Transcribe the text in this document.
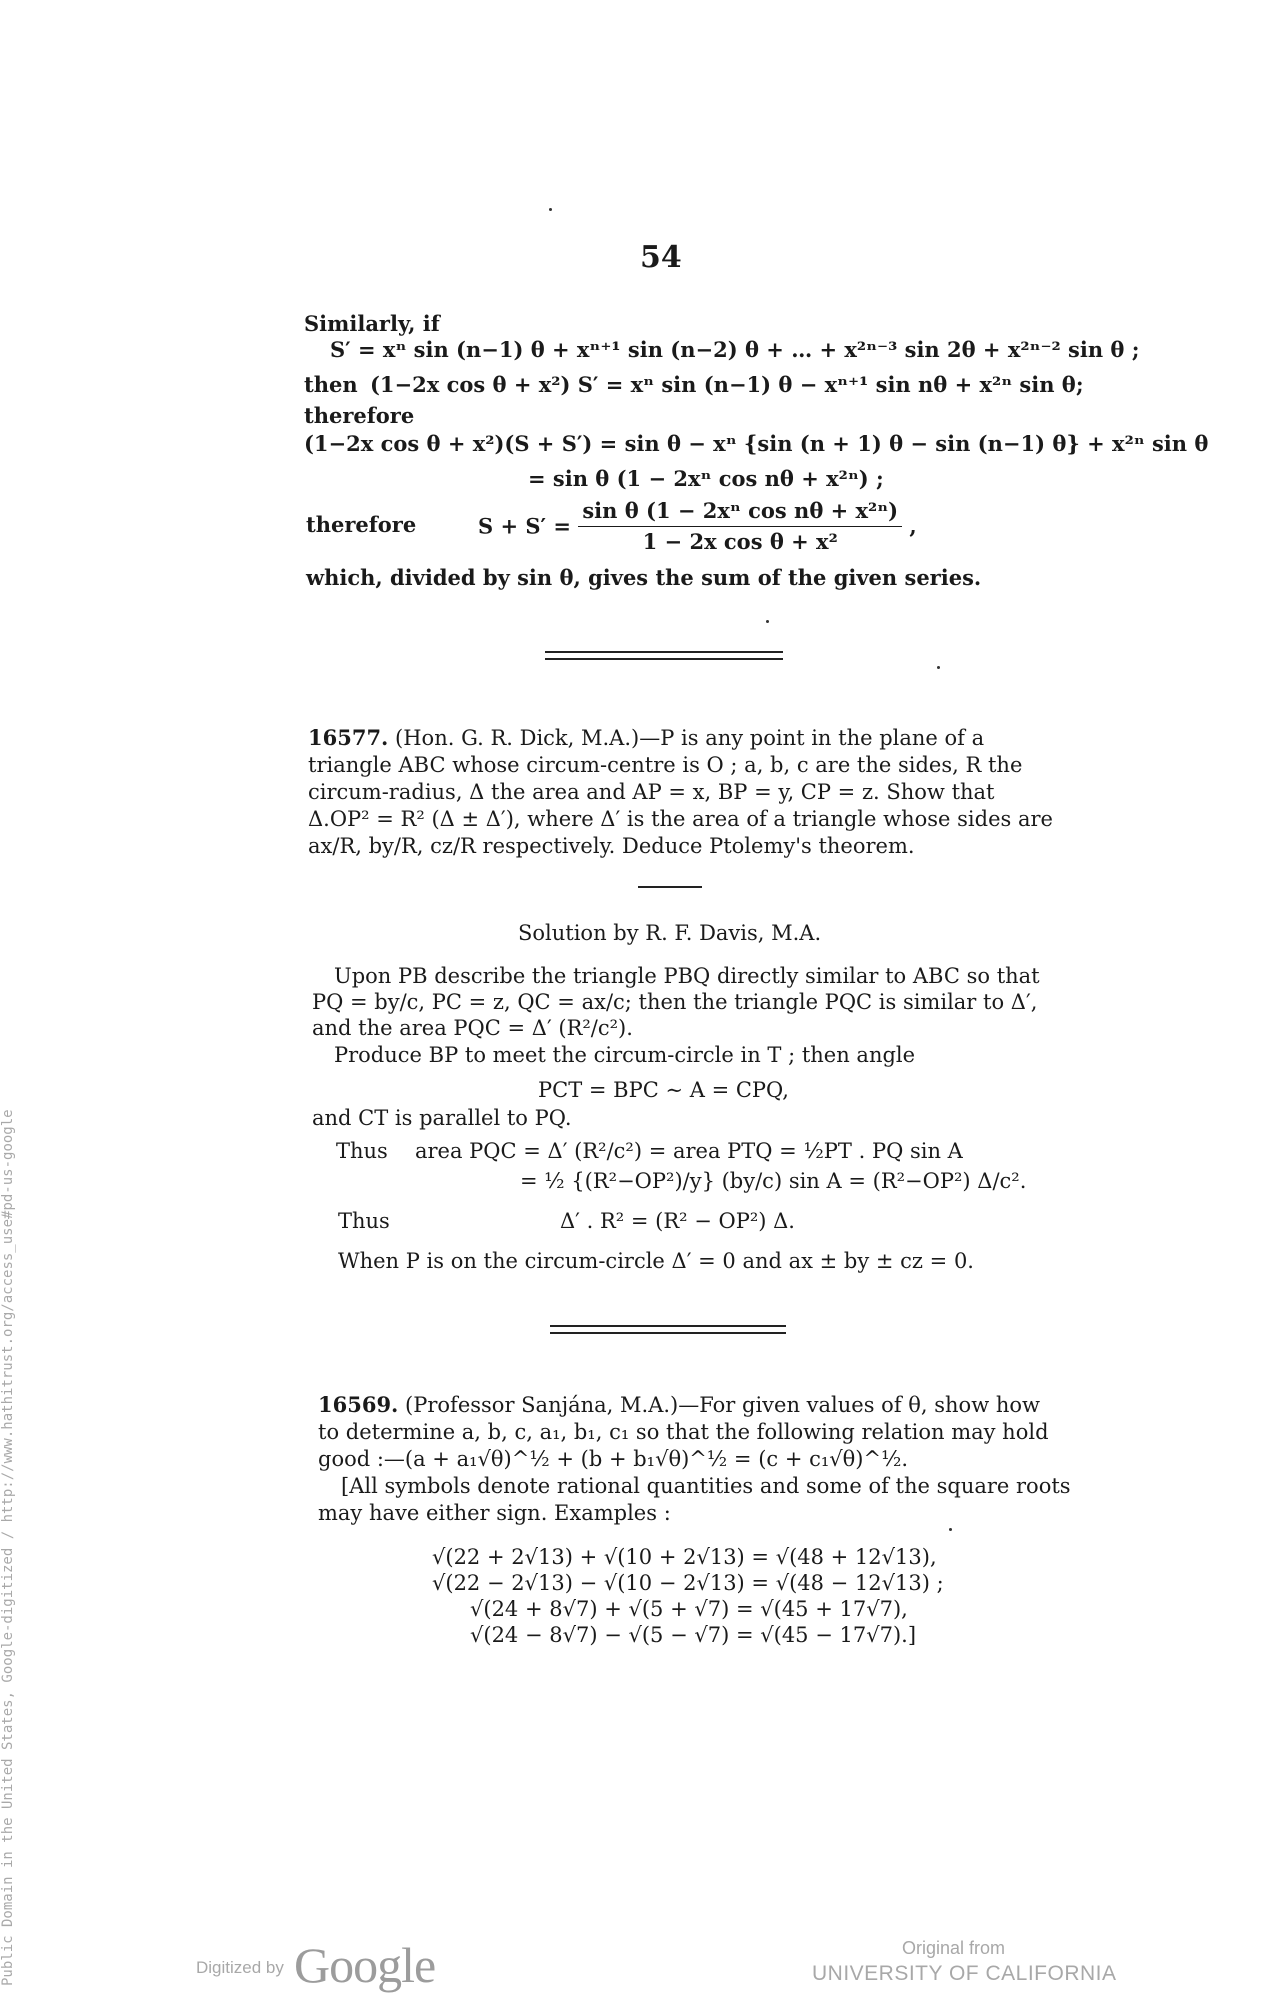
54
Similarly, if
S′ = xⁿ sin (n−1) θ + xⁿ⁺¹ sin (n−2) θ + … + x²ⁿ⁻³ sin 2θ + x²ⁿ⁻² sin θ ;
then (1−2x cos θ + x²) S′ = xⁿ sin (n−1) θ − xⁿ⁺¹ sin nθ + x²ⁿ sin θ;
therefore
(1−2x cos θ + x²)(S + S′) = sin θ − xⁿ {sin (n + 1) θ − sin (n−1) θ} + x²ⁿ sin θ
= sin θ (1 − 2xⁿ cos nθ + x²ⁿ) ;
therefore	$S + S' = \frac{\text{sin θ (1 − 2xⁿ cos nθ + x²ⁿ)}}{\text{1 − 2x cos θ + x²}}$ ,
which, divided by sin θ, gives the sum of the given series.
16577. (Hon. G. R. Dick, M.A.)—P is any point in the plane of a
triangle ABC whose circum-centre is O ; a, b, c are the sides, R the
circum-radius, Δ the area and AP = x, BP = y, CP = z. Show that
Δ.OP² = R² (Δ ± Δ′), where Δ′ is the area of a triangle whose sides are
ax/R, by/R, cz/R respectively. Deduce Ptolemy's theorem.
Solution by R. F. Davis, M.A.
Upon PB describe the triangle PBQ directly similar to ABC so that
PQ = by/c, PC = z, QC = ax/c; then the triangle PQC is similar to Δ′,
and the area PQC = Δ′ (R²/c²).
Produce BP to meet the circum-circle in T ; then angle
PCT = BPC ∼ A = CPQ,
and CT is parallel to PQ.
Thus area PQC = Δ′ (R²/c²) = area PTQ = ½PT . PQ sin A
= ½ {(R²−OP²)/y} (by/c) sin A = (R²−OP²) Δ/c².
Thus	Δ′ . R² = (R² − OP²) Δ.
When P is on the circum-circle Δ′ = 0 and ax ± by ± cz = 0.
16569. (Professor Sanjána, M.A.)—For given values of θ, show how
to determine a, b, c, a₁, b₁, c₁ so that the following relation may hold
good :—(a + a₁√θ)^½ + (b + b₁√θ)^½ = (c + c₁√θ)^½.
[All symbols denote rational quantities and some of the square roots
may have either sign. Examples :
√(22 + 2√13) + √(10 + 2√13) = √(48 + 12√13),
√(22 − 2√13) − √(10 − 2√13) = √(48 − 12√13) ;
√(24 + 8√7) + √(5 + √7) = √(45 + 17√7),
√(24 − 8√7) − √(5 − √7) = √(45 − 17√7).]
Digitized by Google	Original from
UNIVERSITY OF CALIFORNIA
Public Domain in the United States, Google-digitized / http://www.hathitrust.org/access_use#pd-us-google
